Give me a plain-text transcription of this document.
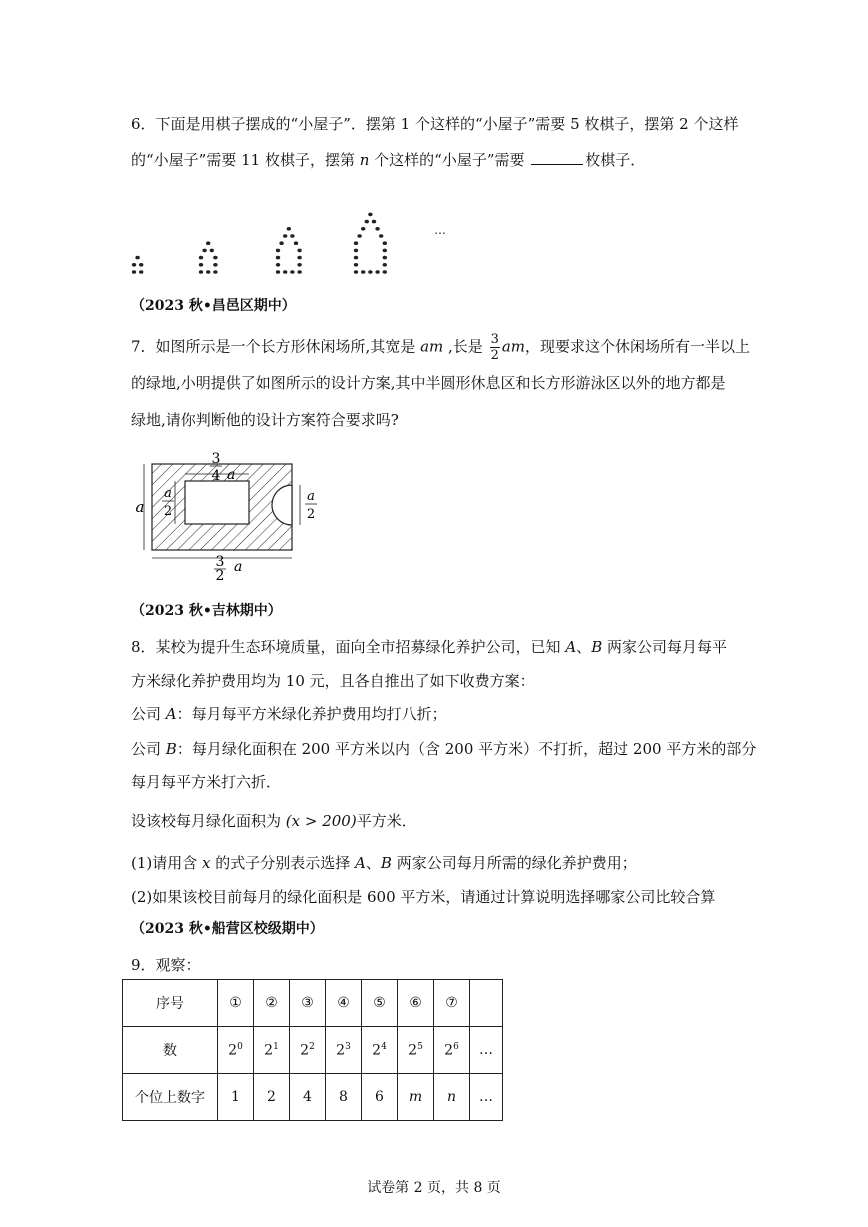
6．下面是用棋子摆成的“小屋子”．摆第 1 个这样的“小屋子”需要 5 枚棋子，摆第 2 个这样
的“小屋子”需要 11 枚棋子，摆第 n 个这样的“小屋子”需要	枚棋子．
…
（2023 秋•昌邑区期中）
7．如图所示是一个长方形休闲场所,其宽是 am ,长是 $\frac{3}{2}$ am，现要求这个休闲场所有一半以上
的绿地,小明提供了如图所示的设计方案,其中半圆形休息区和长方形游泳区以外的地方都是
绿地,请你判断他的设计方案符合要求吗?
3
4 a
a
a
2
a
2
3
2
a
（2023 秋•吉林期中）
8．某校为提升生态环境质量，面向全市招募绿化养护公司，已知 A、B 两家公司每月每平
方米绿化养护费用均为 10 元，且各自推出了如下收费方案：
公司 A：每月每平方米绿化养护费用均打八折；
公司 B：每月绿化面积在 200 平方米以内（含 200 平方米）不打折，超过 200 平方米的部分
每月每平方米打六折．
设该校每月绿化面积为 (x > 200)平方米．
(1)请用含 x 的式子分别表示选择 A、B 两家公司每月所需的绿化养护费用；
(2)如果该校目前每月的绿化面积是 600 平方米，请通过计算说明选择哪家公司比较合算
（2023 秋•船营区校级期中）
9．观察：
序号	①	②	③	④	⑤	⑥	⑦	
数	$2^0$	$2^1$	$2^2$	$2^3$	$2^4$	$2^5$	$2^6$	…
个位上数字	1	2	4	8	6	m	n	…
试卷第 2 页，共 8 页
